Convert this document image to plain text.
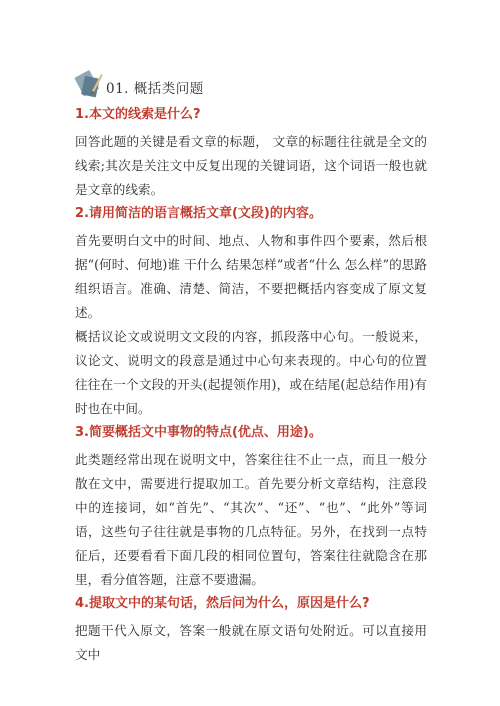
01. 概括类问题
1.本文的线索是什么?

回答此题的关键是看文章的标题， 文章的标题往往就是全文的线索;其次是关注文中反复出现的关键词语，这个词语一般也就是文章的线索。

2.请用简洁的语言概括文章(文段)的内容。

首先要明白文中的时间、地点、人物和事件四个要素，然后根据“(何时、何地)谁 干什么 结果怎样”或者“什么 怎么样”的思路组织语言。准确、清楚、简洁，不要把概括内容变成了原文复述。

概括议论文或说明文文段的内容，抓段落中心句。一般说来，议论文、说明文的段意是通过中心句来表现的。中心句的位置往往在一个文段的开头(起提领作用)，或在结尾(起总结作用)有时也在中间。

3.简要概括文中事物的特点(优点、用途)。

此类题经常出现在说明文中，答案往往不止一点，而且一般分散在文中，需要进行提取加工。首先要分析文章结构，注意段中的连接词，如“首先”、“其次”、“还”、“也”、“此外”等词语，这些句子往往就是事物的几点特征。另外，在找到一点特征后，还要看看下面几段的相同位置句，答案往往就隐含在那里，看分值答题，注意不要遗漏。

4.提取文中的某句话，然后问为什么，原因是什么?

把题干代入原文，答案一般就在原文语句处附近。可以直接用文中
